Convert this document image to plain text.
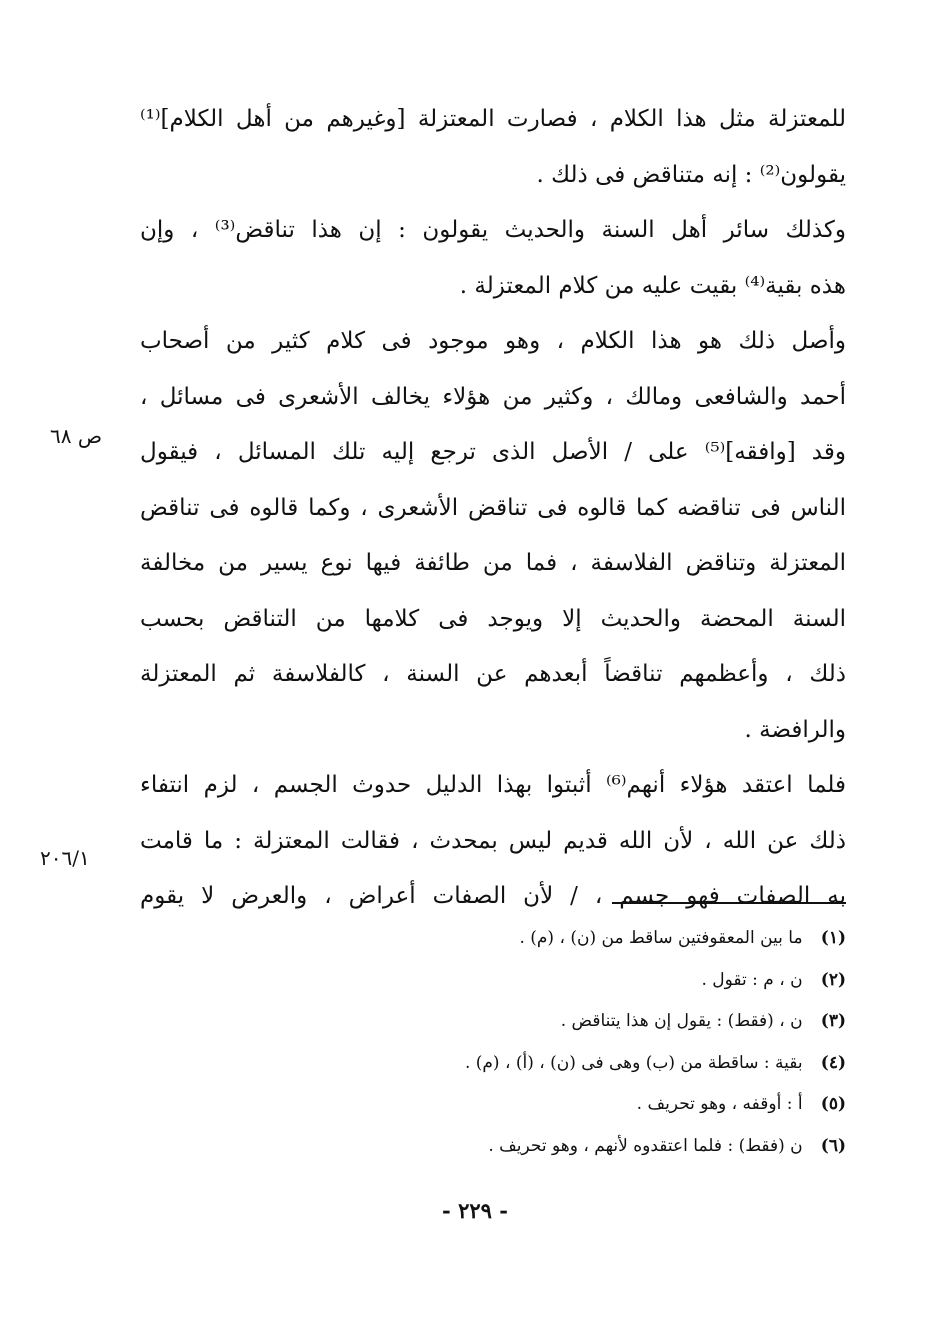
للمعتزلة مثل هذا الكلام ، فصارت المعتزلة [وغيرهم من أهل الكلام]⁽¹⁾
يقولون⁽²⁾ : إنه متناقض فى ذلك .
وكذلك سائر أهل السنة والحديث يقولون : إن هذا تناقض⁽³⁾ ، وإن
هذه بقية⁽⁴⁾ بقيت عليه من كلام المعتزلة .
وأصل ذلك هو هذا الكلام ، وهو موجود فى كلام كثير من أصحاب
أحمد والشافعى ومالك ، وكثير من هؤلاء يخالف الأشعرى فى مسائل ،
وقد [وافقه]⁽⁵⁾ على / الأصل الذى ترجع إليه تلك المسائل ، فيقول
الناس فى تناقضه كما قالوه فى تناقض الأشعرى ، وكما قالوه فى تناقض
المعتزلة وتناقض الفلاسفة ، فما من طائفة فيها نوع يسير من مخالفة
السنة المحضة والحديث إلا ويوجد فى كلامها من التناقض بحسب
ذلك ، وأعظمهم تناقضاً أبعدهم عن السنة ، كالفلاسفة ثم المعتزلة
والرافضة .
فلما اعتقد هؤلاء أنهم⁽⁶⁾ أثبتوا بهذا الدليل حدوث الجسم ، لزم انتفاء
ذلك عن الله ، لأن الله قديم ليس بمحدث ، فقالت المعتزلة : ما قامت
به الصفات فهو جسم ، / لأن الصفات أعراض ، والعرض لا يقوم
ص ٦٨
٢٠٦/١
(١) ما بين المعقوفتين ساقط من (ن) ، (م) .
(٢) ن ، م : تقول .
(٣) ن ، (فقط) : يقول إن هذا يتناقض .
(٤) بقية : ساقطة من (ب) وهى فى (ن) ، (أ) ، (م) .
(٥) أ : أوقفه ، وهو تحريف .
(٦) ن (فقط) : فلما اعتقدوه لأنهم ، وهو تحريف .
- ٢٢٩ -
